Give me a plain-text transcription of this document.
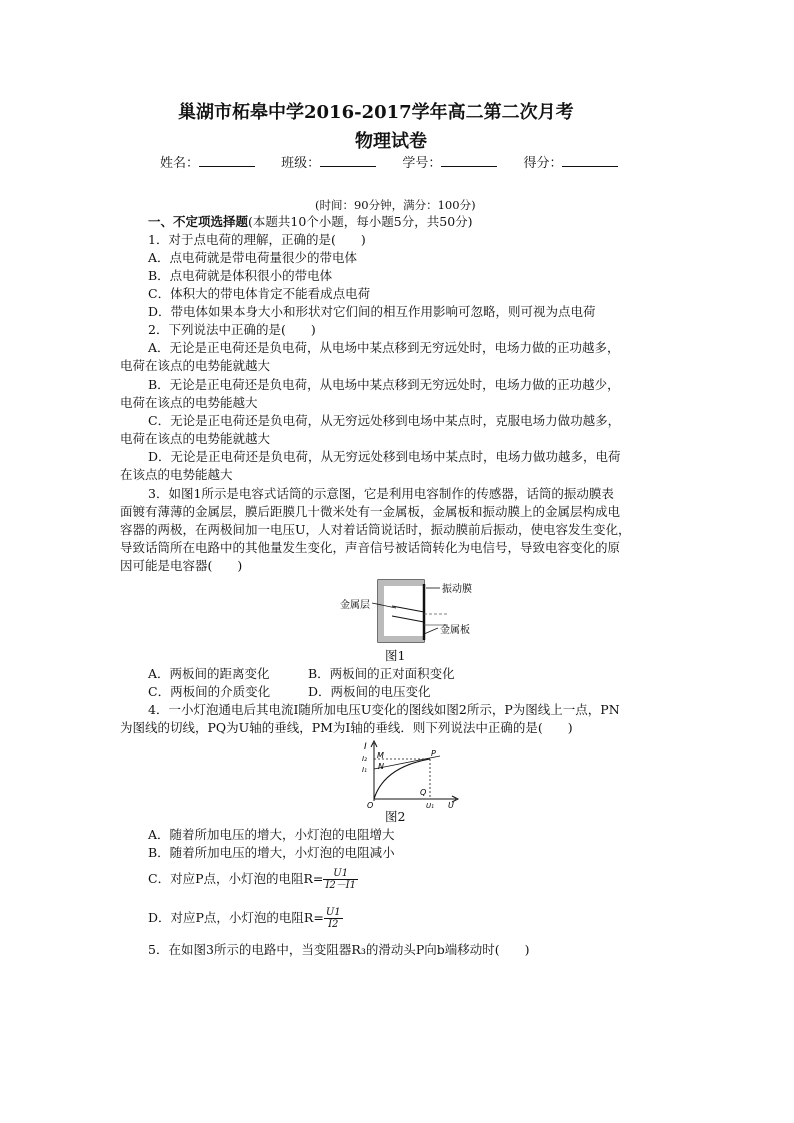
巢湖市柘皋中学2016-2017学年高二第二次月考
物理试卷
姓名：	班级：	学号：	得分：
(时间：90分钟，满分：100分)
一、不定项选择题(本题共10个小题，每小题5分，共50分)
1．对于点电荷的理解，正确的是(　　)
A．点电荷就是带电荷量很少的带电体
B．点电荷就是体积很小的带电体
C．体积大的带电体肯定不能看成点电荷
D．带电体如果本身大小和形状对它们间的相互作用影响可忽略，则可视为点电荷
2．下列说法中正确的是(　　)
A．无论是正电荷还是负电荷，从电场中某点移到无穷远处时，电场力做的正功越多，
电荷在该点的电势能就越大
B．无论是正电荷还是负电荷，从电场中某点移到无穷远处时，电场力做的正功越少，
电荷在该点的电势能越大
C．无论是正电荷还是负电荷，从无穷远处移到电场中某点时，克服电场力做功越多，
电荷在该点的电势能就越大
D．无论是正电荷还是负电荷，从无穷远处移到电场中某点时，电场力做功越多，电荷
在该点的电势能越大
3．如图1所示是电容式话筒的示意图，它是利用电容制作的传感器，话筒的振动膜表
面镀有薄薄的金属层，膜后距膜几十微米处有一金属板，金属板和振动膜上的金属层构成电
容器的两极，在两极间加一电压U，人对着话筒说话时，振动膜前后振动，使电容发生变化，
导致话筒所在电路中的其他量发生变化，声音信号被话筒转化为电信号，导致电容变化的原
因可能是电容器(　　)
振动膜
金属层
金属板
图1
A．两板间的距离变化	B．两板间的正对面积变化
C．两板间的介质变化	D．两板间的电压变化
4．一小灯泡通电后其电流I随所加电压U变化的图线如图2所示，P为图线上一点，PN
为图线的切线，PQ为U轴的垂线，PM为I轴的垂线．则下列说法中正确的是(　　)
I
I₂
I₁
M
N
P
Q
O	U₁ U
图2
A．随着所加电压的增大，小灯泡的电阻增大
B．随着所加电压的增大，小灯泡的电阻减小
C．对应P点，小灯泡的电阻$R= \frac{U1}{I2-I1}$
D．对应P点，小灯泡的电阻$R= \frac{U1}{I2}$
5．在如图3所示的电路中，当变阻器R₃的滑动头P向b端移动时(　　)
